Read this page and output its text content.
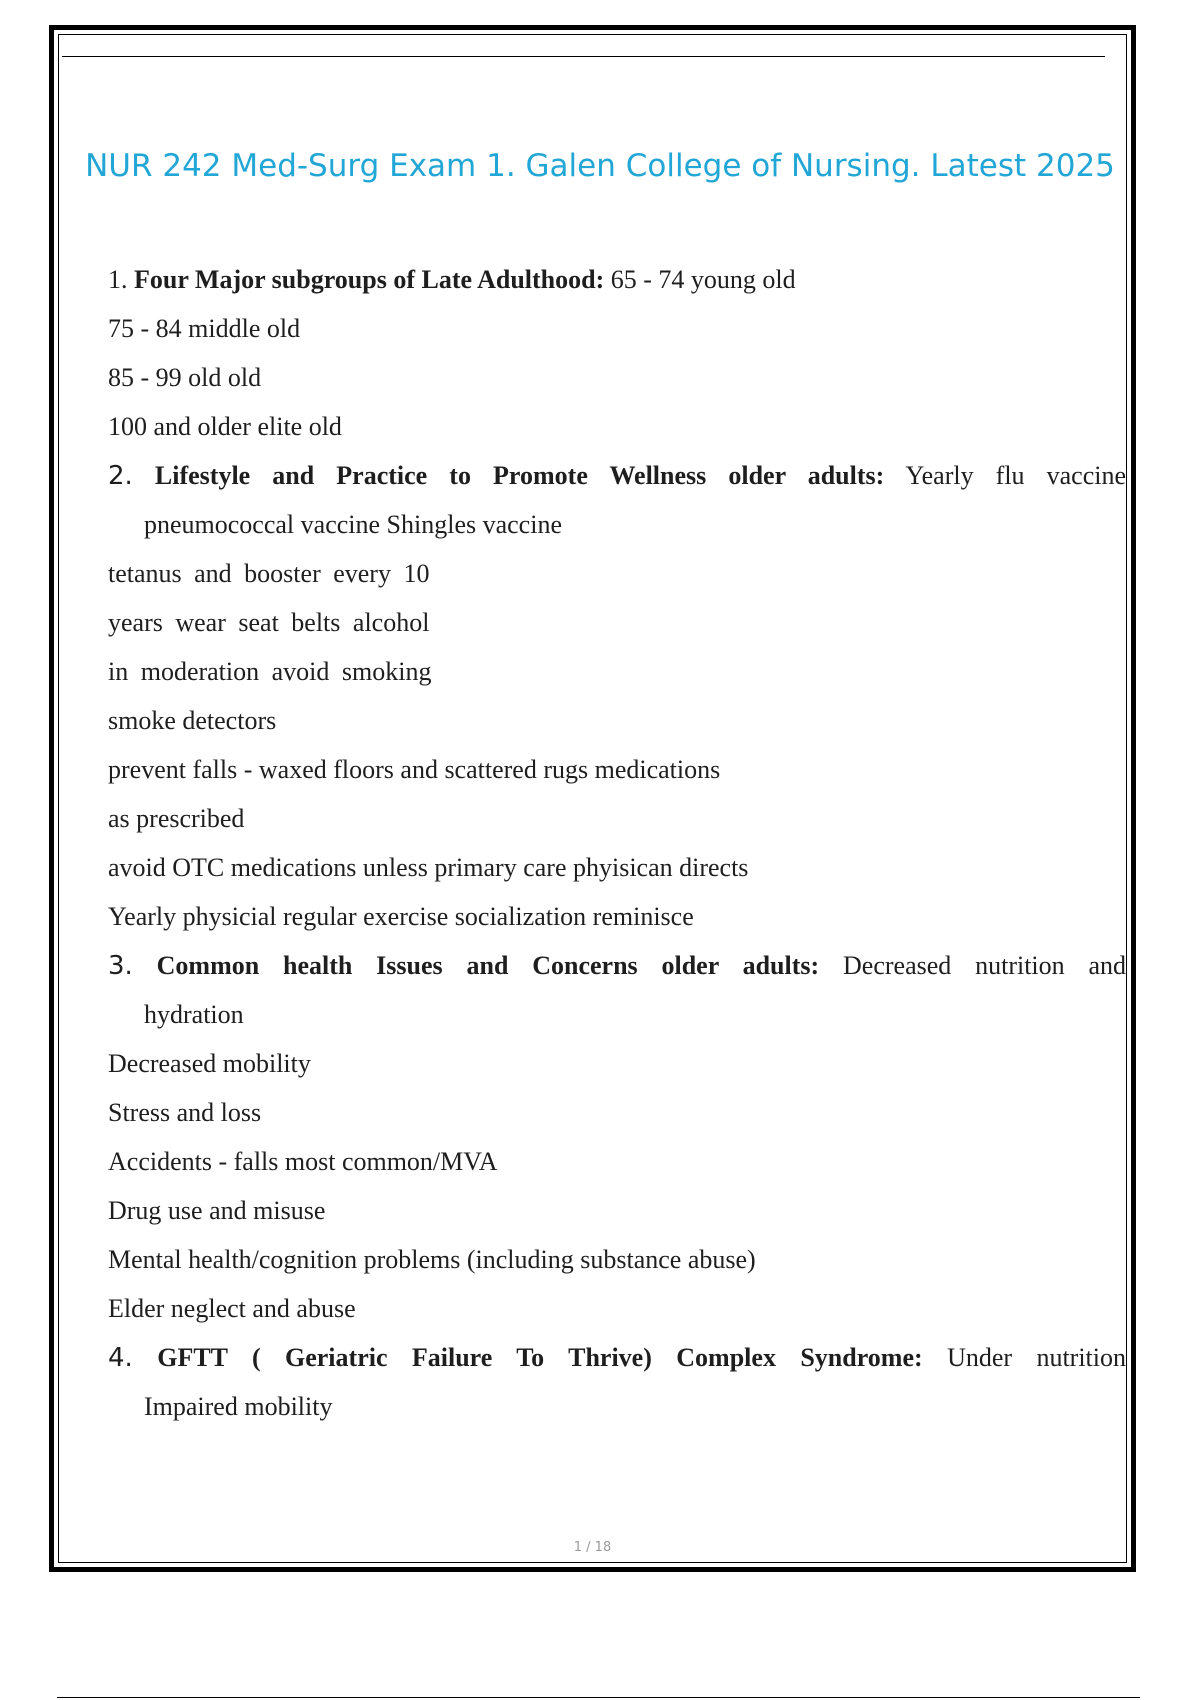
1 / 18
NUR 242 Med-Surg Exam 1. Galen College of Nursing. Latest 2025
1. Four Major subgroups of Late Adulthood: 65 - 74 young old
75 - 84 middle old
85 - 99 old old
100 and older elite old
2. Lifestyle and Practice to Promote Wellness older adults: Yearly flu vaccine
pneumococcal vaccine Shingles vaccine
tetanus and booster every 10
years wear seat belts alcohol
in moderation avoid smoking
smoke detectors
prevent falls - waxed floors and scattered rugs medications
as prescribed
avoid OTC medications unless primary care phyisican directs
Yearly physicial regular exercise socialization reminisce
3. Common health Issues and Concerns older adults: Decreased nutrition and
hydration
Decreased mobility
Stress and loss
Accidents - falls most common/MVA
Drug use and misuse
Mental health/cognition problems (including substance abuse)
Elder neglect and abuse
4. GFTT ( Geriatric Failure To Thrive) Complex Syndrome: Under nutrition
Impaired mobility
